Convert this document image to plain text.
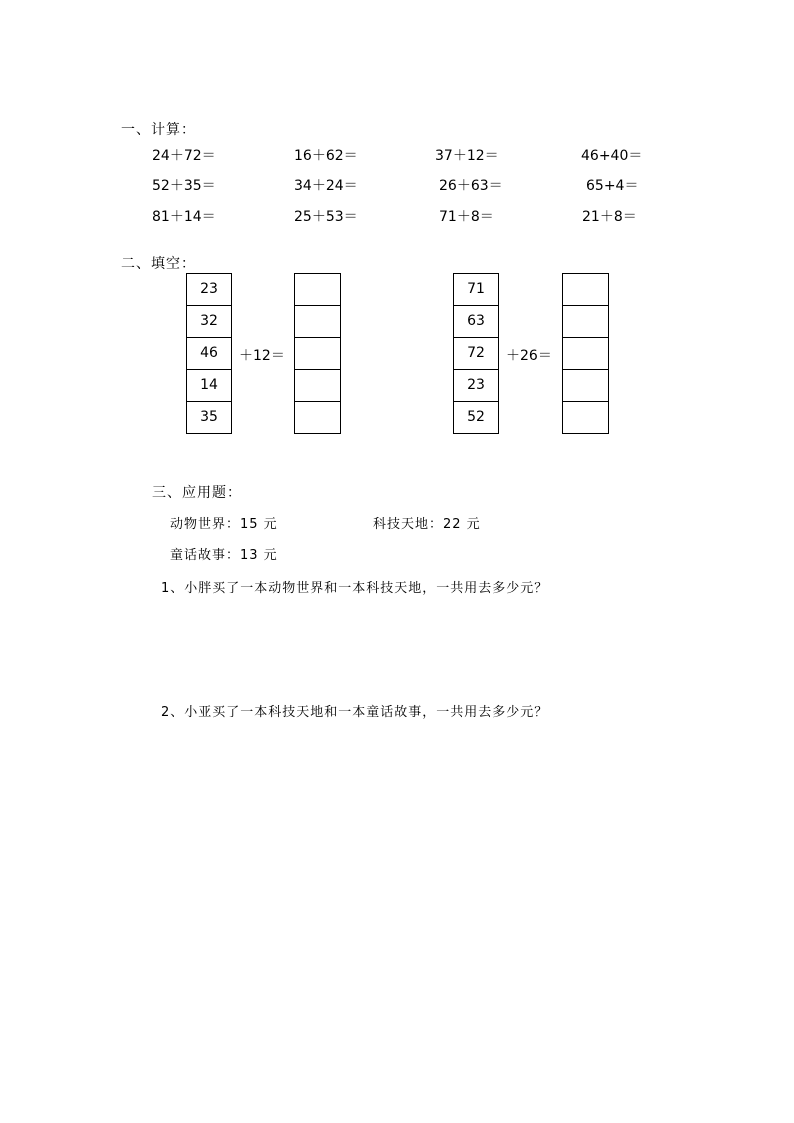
一、计算：
24＋72＝	16＋62＝	37＋12＝	46+40＝
52＋35＝	34＋24＝	26＋63＝	65+4＝
81＋14＝	25＋53＝	71＋8＝	21＋8＝
二、填空：
23
32
46
14
35
＋12＝
71
63
72
23
52
＋26＝
三、应用题：
动物世界：15 元	科技天地：22 元
童话故事：13 元
1、小胖买了一本动物世界和一本科技天地，一共用去多少元？
2、小亚买了一本科技天地和一本童话故事，一共用去多少元？
